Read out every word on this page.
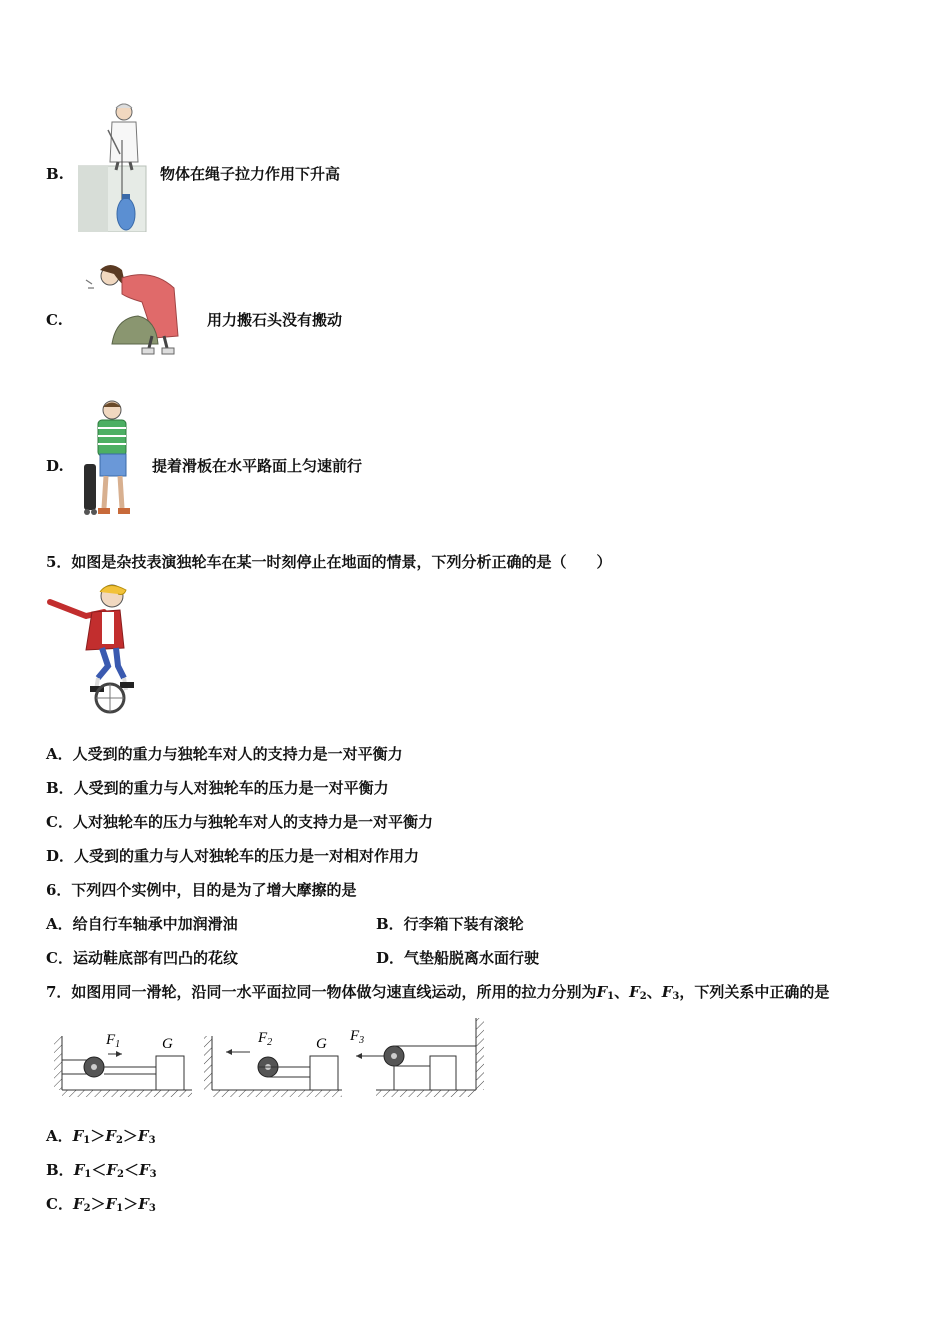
B.	物体在绳子拉力作用下升高
C.	用力搬石头没有搬动
D.	提着滑板在水平路面上匀速前行
5．如图是杂技表演独轮车在某一时刻停止在地面的情景，下列分析正确的是（　　）
A．人受到的重力与独轮车对人的支持力是一对平衡力
B．人受到的重力与人对独轮车的压力是一对平衡力
C．人对独轮车的压力与独轮车对人的支持力是一对平衡力
D．人受到的重力与人对独轮车的压力是一对相对作用力
6．下列四个实例中，目的是为了增大摩擦的是
A．给自行车轴承中加润滑油	B．行李箱下装有滚轮
C．运动鞋底部有凹凸的花纹	D．气垫船脱离水面行驶
7．如图用同一滑轮，沿同一水平面拉同一物体做匀速直线运动，所用的拉力分别为$F_1$、$F_2$、$F_3$，下列关系中正确的是
$F_1$	G	$F_2$	G $F_3$
A．$F_1>F_2>F_3$
B．$F_1<F_2<F_3$
C．$F_2>F_1>F_3$
